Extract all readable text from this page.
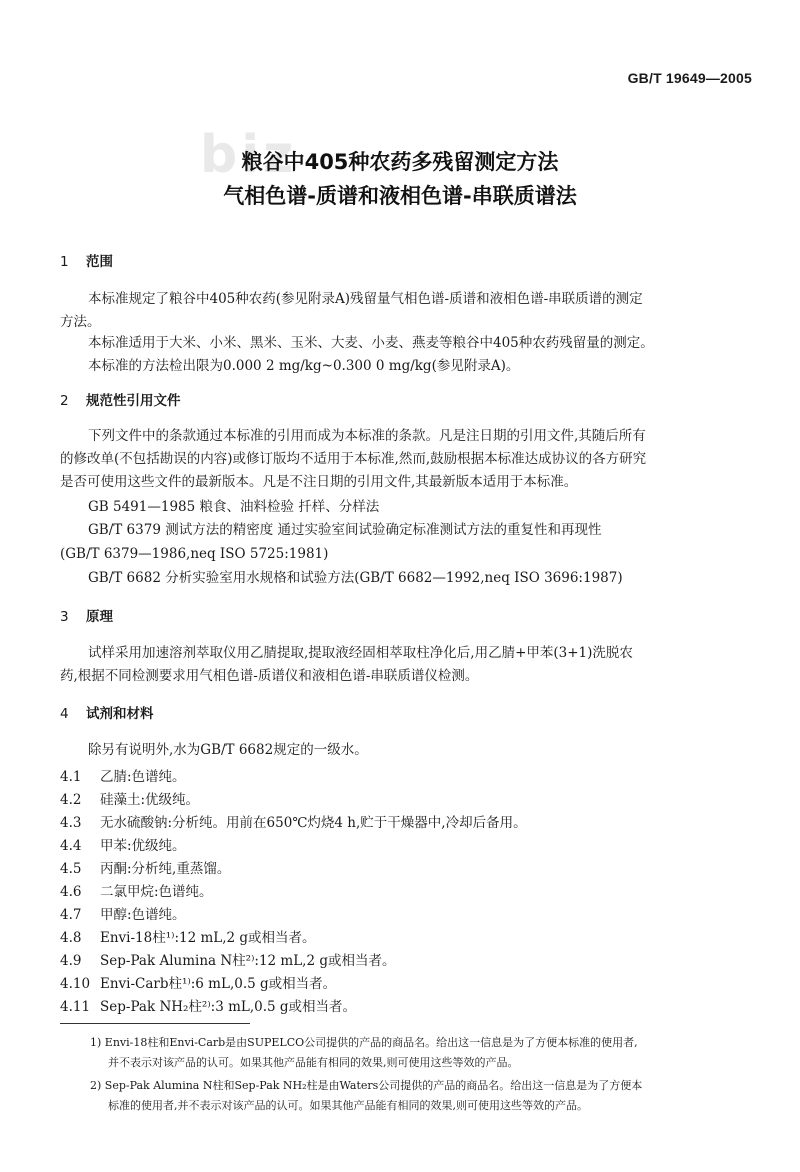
GB/T 19649—2005
biz
粮谷中405种农药多残留测定方法
气相色谱-质谱和液相色谱-串联质谱法
1 范围
本标准规定了粮谷中405种农药(参见附录A)残留量气相色谱-质谱和液相色谱-串联质谱的测定
方法。
本标准适用于大米、小米、黑米、玉米、大麦、小麦、燕麦等粮谷中405种农药残留量的测定。
本标准的方法检出限为0.000 2 mg/kg~0.300 0 mg/kg(参见附录A)。
2 规范性引用文件
下列文件中的条款通过本标准的引用而成为本标准的条款。凡是注日期的引用文件,其随后所有
的修改单(不包括勘误的内容)或修订版均不适用于本标准,然而,鼓励根据本标准达成协议的各方研究
是否可使用这些文件的最新版本。凡是不注日期的引用文件,其最新版本适用于本标准。
GB 5491—1985 粮食、油料检验 扦样、分样法
GB/T 6379 测试方法的精密度 通过实验室间试验确定标准测试方法的重复性和再现性
(GB/T 6379—1986,neq ISO 5725:1981)
GB/T 6682 分析实验室用水规格和试验方法(GB/T 6682—1992,neq ISO 3696:1987)
3 原理
试样采用加速溶剂萃取仪用乙腈提取,提取液经固相萃取柱净化后,用乙腈+甲苯(3+1)洗脱农
药,根据不同检测要求用气相色谱-质谱仪和液相色谱-串联质谱仪检测。
4 试剂和材料
除另有说明外,水为GB/T 6682规定的一级水。
4.1 乙腈:色谱纯。
4.2 硅藻土:优级纯。
4.3 无水硫酸钠:分析纯。用前在650℃灼烧4 h,贮于干燥器中,冷却后备用。
4.4 甲苯:优级纯。
4.5 丙酮:分析纯,重蒸馏。
4.6 二氯甲烷:色谱纯。
4.7 甲醇:色谱纯。
4.8 Envi-18柱¹⁾:12 mL,2 g或相当者。
4.9 Sep-Pak Alumina N柱²⁾:12 mL,2 g或相当者。
4.10 Envi-Carb柱¹⁾:6 mL,0.5 g或相当者。
4.11 Sep-Pak NH₂柱²⁾:3 mL,0.5 g或相当者。
1) Envi-18柱和Envi-Carb是由SUPELCO公司提供的产品的商品名。给出这一信息是为了方便本标准的使用者,
并不表示对该产品的认可。如果其他产品能有相同的效果,则可使用这些等效的产品。
2) Sep-Pak Alumina N柱和Sep-Pak NH₂柱是由Waters公司提供的产品的商品名。给出这一信息是为了方便本
标准的使用者,并不表示对该产品的认可。如果其他产品能有相同的效果,则可使用这些等效的产品。
